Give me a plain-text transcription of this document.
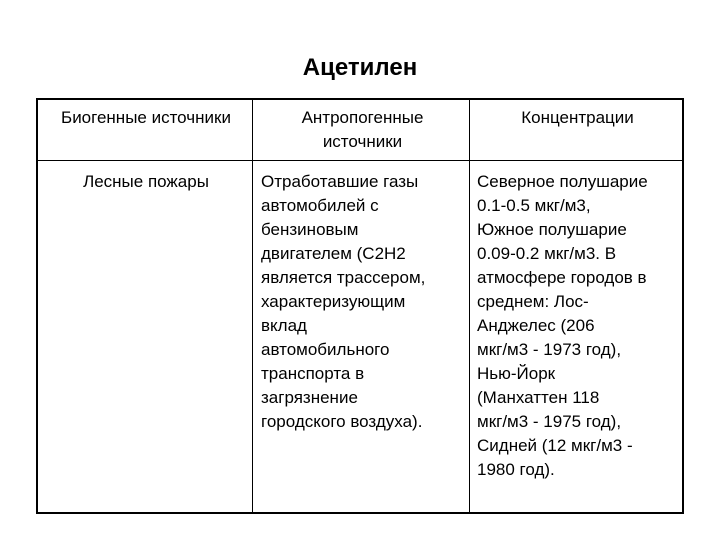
Ацетилен
Биогенные источники	Антропогенные источники
Концентрации
Лесные пожары	Отработавшие газы
автомобилей с
бензиновым
двигателем (С2Н2
является трассером,
характеризующим
вклад
автомобильного
транспорта в
загрязнение
городского воздуха).
Северное полушарие
0.1-0.5 мкг/м3,
Южное полушарие
0.09-0.2 мкг/м3. В
атмосфере городов в
среднем: Лос-
Анджелес (206
мкг/м3 - 1973 год),
Нью-Йорк
(Манхаттен 118
мкг/м3 - 1975 год),
Сидней (12 мкг/м3 -
1980 год).
